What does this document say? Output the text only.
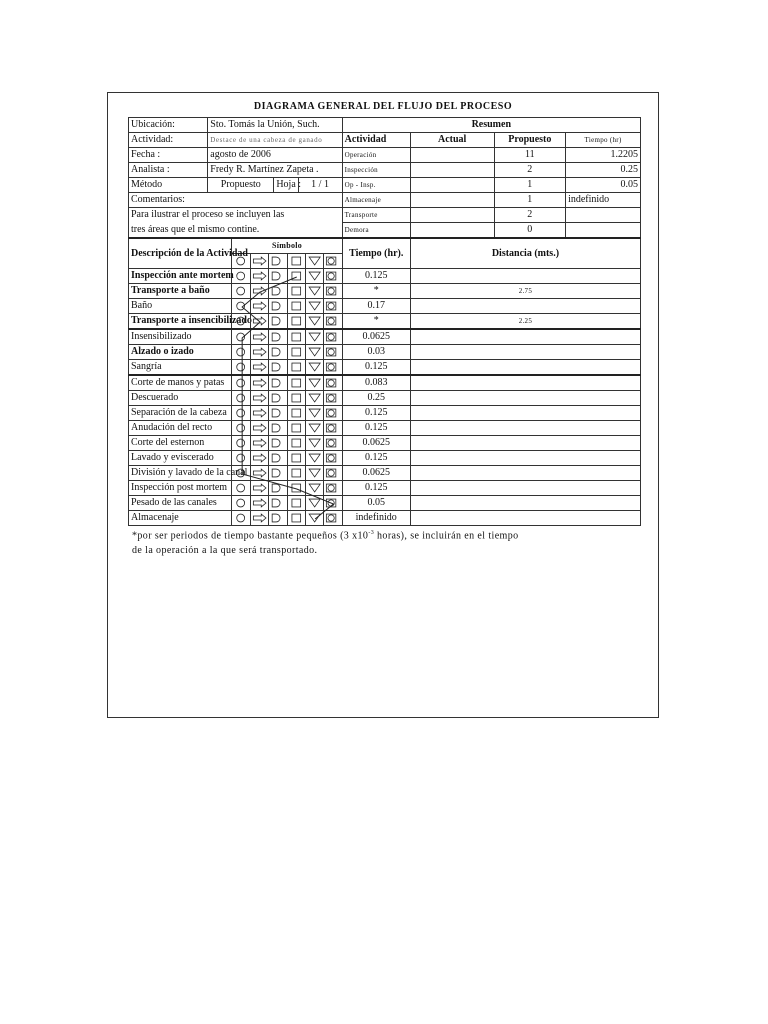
DIAGRAMA GENERAL DEL FLUJO DEL PROCESO
Ubicación:	Sto. Tomás la Unión, Such.				Resumen			
Actividad:	Destace de una cabeza de ganado				Actividad	Actual	Propuesto	Tiempo (hr)
Fecha :	agosto de 2006				Operación		11	1.2205
Analista :	Fredy R. Martínez Zapeta .				Inspección		2	0.25
Método	Propuesto		Hoja :	1 / 1	Op - Insp.		1	0.05
Comentarios:					Almacenaje		1	indefinido
Para ilustrar el proceso se incluyen las					Transporte		2	
tres áreas que el mismo contine.					Demora		0	
Descripción de la Actividad		Símbolo			Tiempo (hr).	Distancia (mts.)		

Inspección ante mortem					0.125			
Transporte a baño					*	2.75		
Baño					0.17			
Transporte a insencibilizado					*	2.25		
Insensibilizado					0.0625			
Alzado o izado					0.03			
Sangría					0.125			
Corte de manos y patas					0.083			
Descuerado					0.25			
Separación de la cabeza					0.125			
Anudación del recto					0.125			
Corte del esternon					0.0625			
Lavado y eviscerado					0.125			
División y lavado de la canal					0.0625			
Inspección post mortem					0.125			
Pesado de las canales					0.05			
Almacenaje					indefinido			
*por ser periodos de tiempo bastante pequeños (3 $x10^{-3}$ horas), se incluirán en el tiempo
de la operación a la que será transportado.
